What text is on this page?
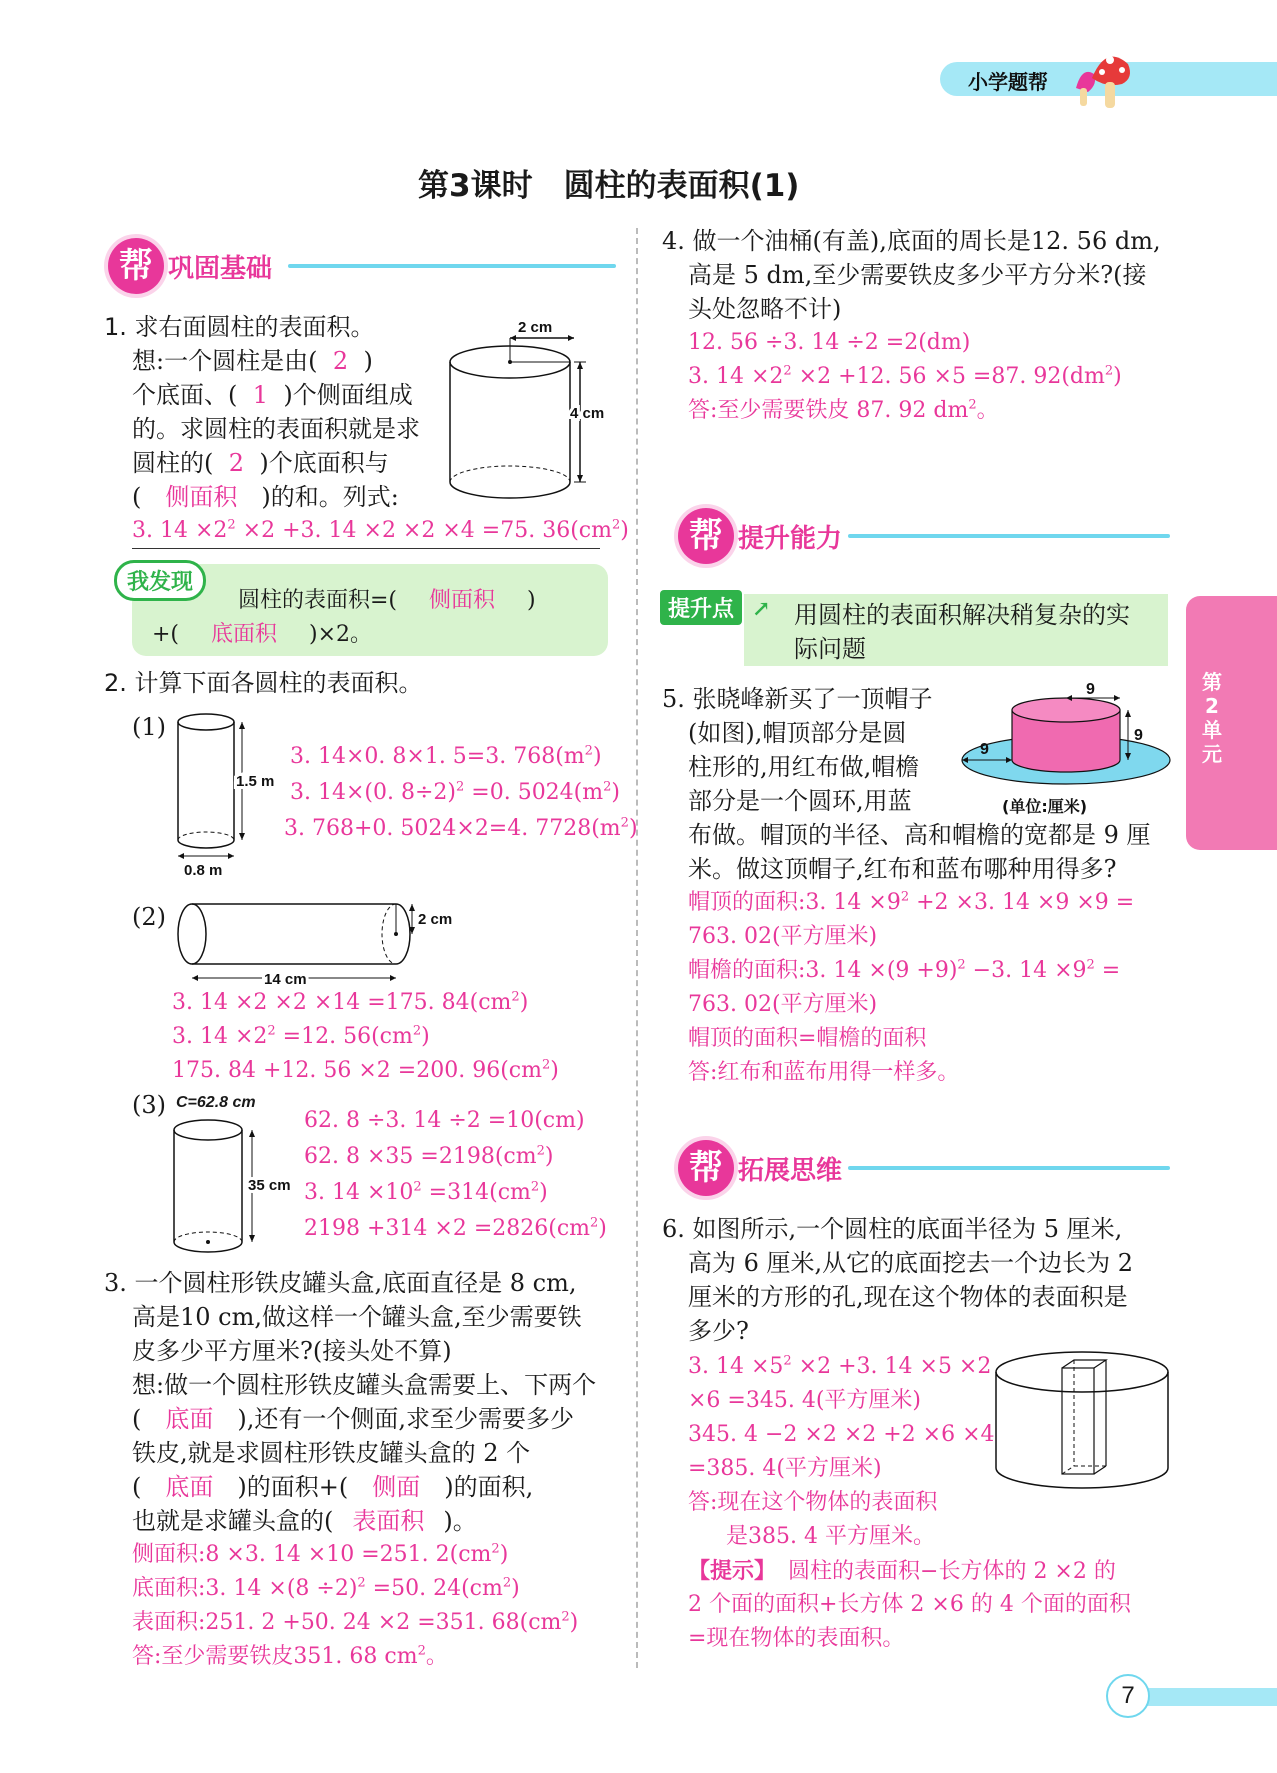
小学题帮
第3课时　圆柱的表面积(1)
帮 巩固基础
1. 求右面圆柱的表面积。
想:一个圆柱是由( 2 )
个底面、( 1 )个侧面组成
的。求圆柱的表面积就是求
圆柱的( 2 )个底面积与
( 侧面积 )的和。列式:
3. $14 \times 2^2 \times 2 +3$. 14 ×2 ×2 ×4 =75. $36(cm^2)$
2 cm
4 cm
我发现
圆柱的表面积=( 侧面积 )
+( 底面积 )×2。
2. 计算下面各圆柱的表面积。
(1)
1.5 m
0.8 m
3. 14×0. 8×1. 5=3. $768(m^2)$
3. 14×(0. 8÷2)$^2$ =0. $5024(m^2)$
3. 768+0. 5024×2=4. $7728(m^2)$
(2)	2 cm
14 cm
3. 14 ×2 ×2 ×14 =175. $84(cm^2)$
3. $14 \times 2^2 =12$. $56(cm^2)$
175. 84 +12. 56 ×2 =200. $96(cm^2)$
(3) C=62.8 cm
35 cm
62. 8 ÷3. 14 ÷2 =10(cm)
62. $8 \times 35 =2198(cm^2)$
3. $14 \times 10^2 =314(cm^2)$
$2198 +314 \times 2 =2826(cm^2)$
3. 一个圆柱形铁皮罐头盒,底面直径是 8 cm,
高是10 cm,做这样一个罐头盒,至少需要铁
皮多少平方厘米?(接头处不算)
想:做一个圆柱形铁皮罐头盒需要上、下两个
( 底面 ),还有一个侧面,求至少需要多少
铁皮,就是求圆柱形铁皮罐头盒的 2 个
( 底面 )的面积+( 侧面 )的面积,
也就是求罐头盒的( 表面积 )。
侧面积:8 ×3. 14 ×10 =251. $2(cm^2)$
底面积:3. $14 \times(8 \div 2)^2 =50$. $24(cm^2)$
表面积:251. 2 +50. 24 ×2 =351. $68(cm^2)$
答:至少需要铁皮351. 68 $cm^2$。
4. 做一个油桶(有盖),底面的周长是12. 56 dm,
高是 5 dm,至少需要铁皮多少平方分米?(接
头处忽略不计)
12. 56 ÷3. 14 ÷2 =2(dm)
3. $14 \times 2^2 \times 2 +12$. 56 ×5 =87. $92(dm^2)$
答:至少需要铁皮 87. 92 $dm^2$。
帮 提升能力
提升点 ↗ 用圆柱的表面积解决稍复杂的实
际问题
5. 张晓峰新买了一顶帽子
(如图),帽顶部分是圆
柱形的,用红布做,帽檐
部分是一个圆环,用蓝
布做。帽顶的半径、高和帽檐的宽都是 9 厘
米。做这顶帽子,红布和蓝布哪种用得多?
9
9
9
(单位:厘米)
帽顶的面积:3. $14 \times 9^2 +2 \times 3$. 14 ×9 ×9 =
763. 02(平方厘米)
帽檐的面积:3. $14 \times(9 +9)^2 -3$. $14 \times 9^2$ =
763. 02(平方厘米)
帽顶的面积=帽檐的面积
答:红布和蓝布用得一样多。
帮 拓展思维
6. 如图所示,一个圆柱的底面半径为 5 厘米,
高为 6 厘米,从它的底面挖去一个边长为 2
厘米的方形的孔,现在这个物体的表面积是
多少?
3. $14 \times 5^2 \times 2 +3$. 14 ×5 ×2
×6 =345. 4(平方厘米)
345. 4 −2 ×2 ×2 +2 ×6 ×4
=385. 4(平方厘米)
答:现在这个物体的表面积
是385. 4 平方厘米。
【提示】 圆柱的表面积−长方体的 2 ×2 的
2 个面的面积+长方体 2 ×6 的 4 个面的面积
=现在物体的表面积。
第
2
单
元
7
